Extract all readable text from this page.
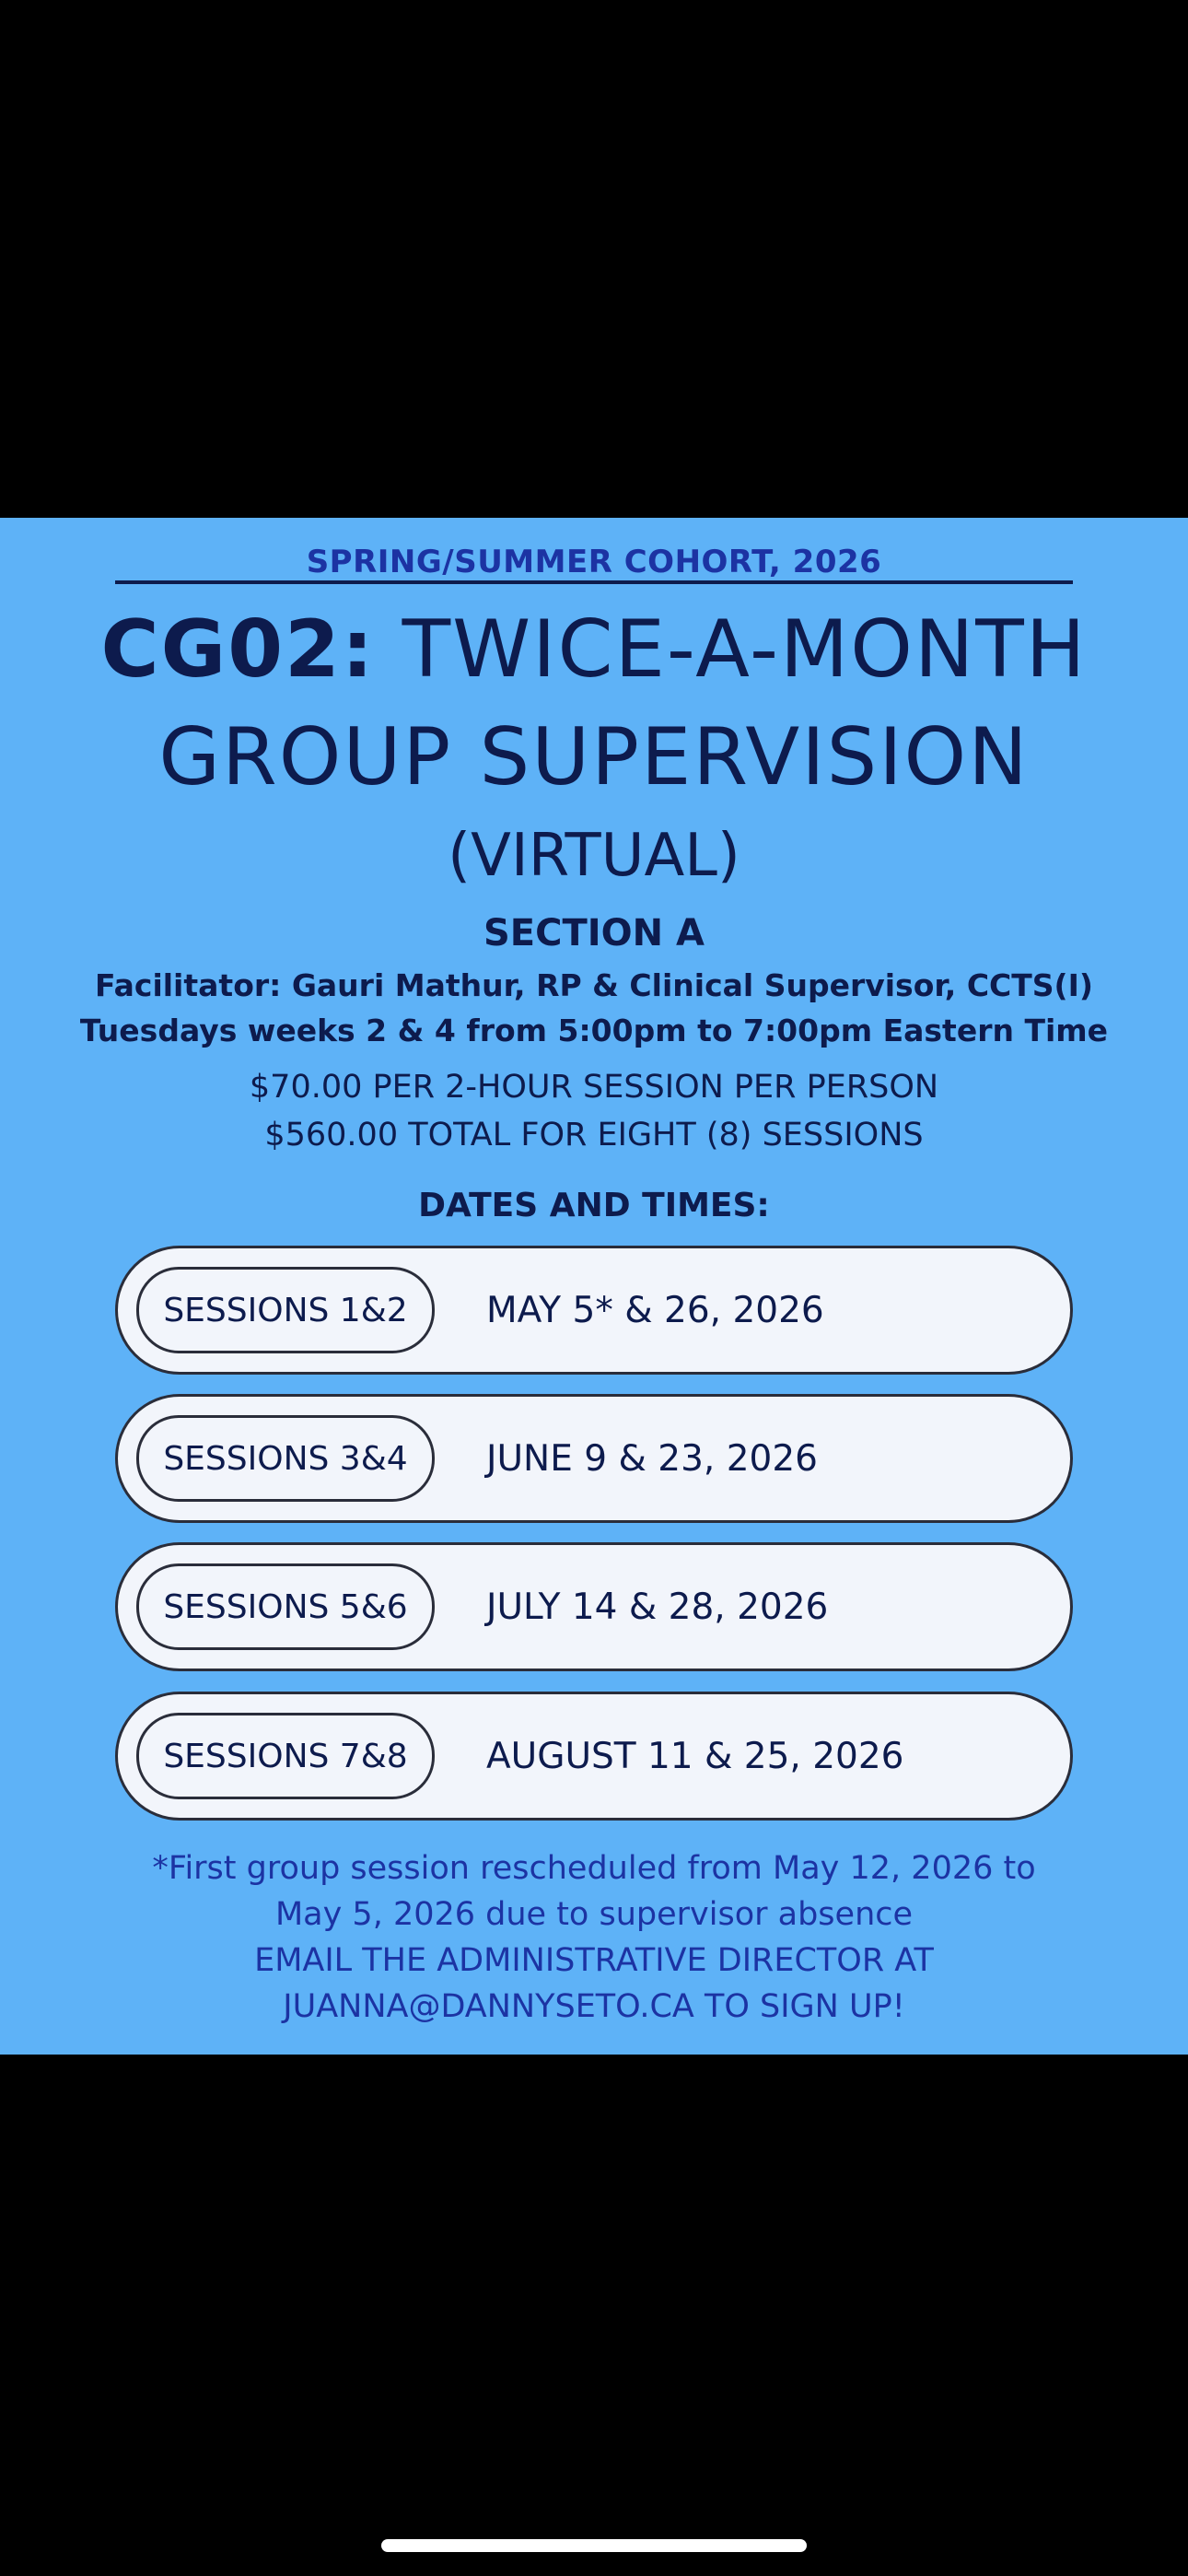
SPRING/SUMMER COHORT, 2026
CG02: TWICE-A-MONTH
GROUP SUPERVISION
(VIRTUAL)
SECTION A
Facilitator: Gauri Mathur, RP & Clinical Supervisor, CCTS(I)
Tuesdays weeks 2 & 4 from 5:00pm to 7:00pm Eastern Time
$70.00 PER 2-HOUR SESSION PER PERSON
$560.00 TOTAL FOR EIGHT (8) SESSIONS
DATES AND TIMES:
SESSIONS 1&2	MAY 5* & 26, 2026
SESSIONS 3&4	JUNE 9 & 23, 2026
SESSIONS 5&6	JULY 14 & 28, 2026
SESSIONS 7&8	AUGUST 11 & 25, 2026
*First group session rescheduled from May 12, 2026 to
May 5, 2026 due to supervisor absence
EMAIL THE ADMINISTRATIVE DIRECTOR AT
JUANNA@DANNYSETO.CA TO SIGN UP!
